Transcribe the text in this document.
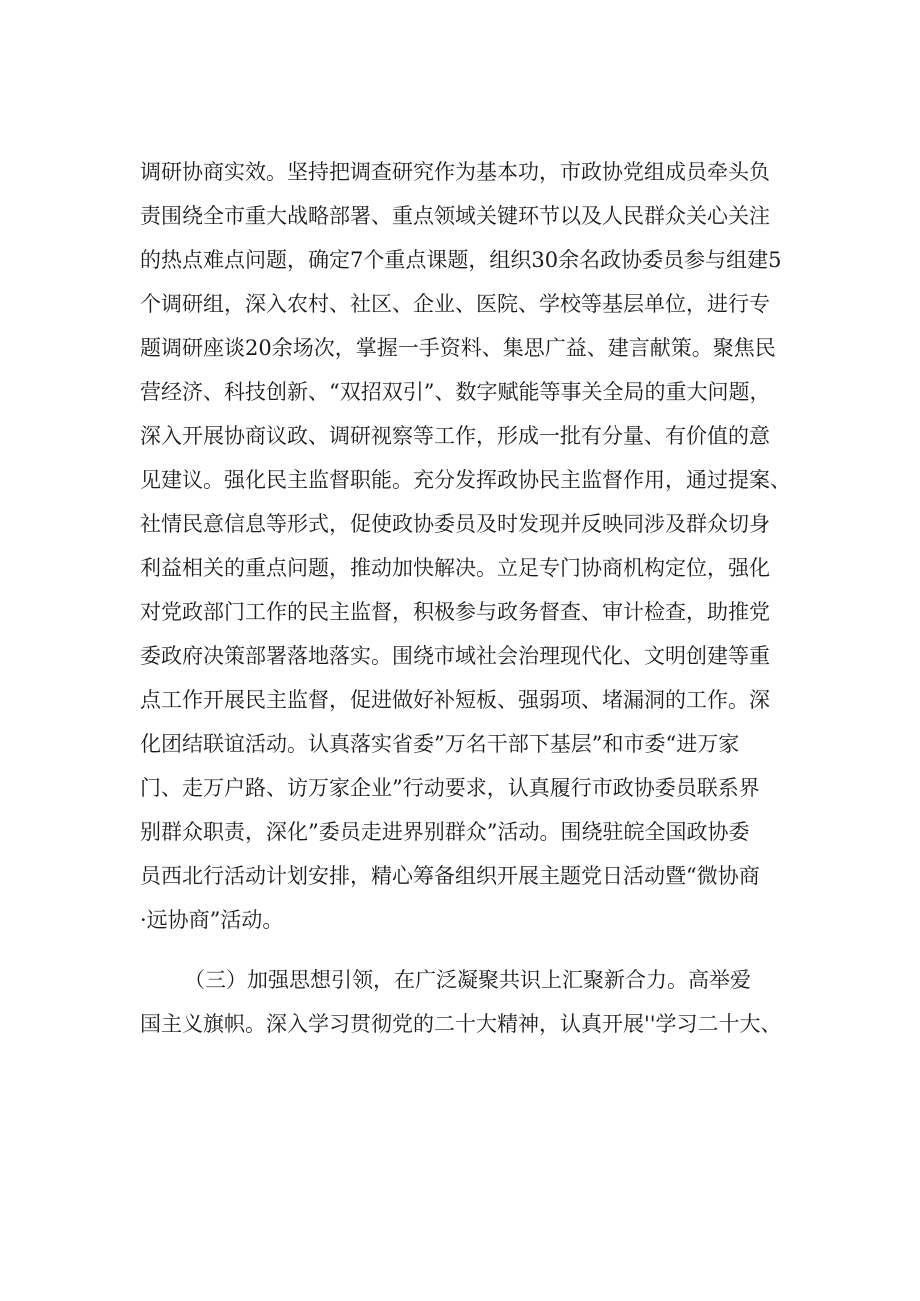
调研协商实效。坚持把调查研究作为基本功，市政协党组成员牵头负
责围绕全市重大战略部署、重点领域关键环节以及人民群众关心关注
的热点难点问题，确定7个重点课题，组织30余名政协委员参与组建5
个调研组，深入农村、社区、企业、医院、学校等基层单位，进行专
题调研座谈20余场次，掌握一手资料、集思广益、建言献策。聚焦民
营经济、科技创新、“双招双引”、数字赋能等事关全局的重大问题，
深入开展协商议政、调研视察等工作，形成一批有分量、有价值的意
见建议。强化民主监督职能。充分发挥政协民主监督作用，通过提案、
社情民意信息等形式，促使政协委员及时发现并反映同涉及群众切身
利益相关的重点问题，推动加快解决。立足专门协商机构定位，强化
对党政部门工作的民主监督，积极参与政务督查、审计检查，助推党
委政府决策部署落地落实。围绕市域社会治理现代化、文明创建等重
点工作开展民主监督，促进做好补短板、强弱项、堵漏洞的工作。深
化团结联谊活动。认真落实省委”万名干部下基层”和市委“进万家
门、走万户路、访万家企业”行动要求，认真履行市政协委员联系界
别群众职责，深化”委员走进界别群众”活动。围绕驻皖全国政协委
员西北行活动计划安排，精心筹备组织开展主题党日活动暨“微协商
·远协商”活动。
（三）加强思想引领，在广泛凝聚共识上汇聚新合力。高举爱
国主义旗帜。深入学习贯彻党的二十大精神，认真开展''学习二十大、
